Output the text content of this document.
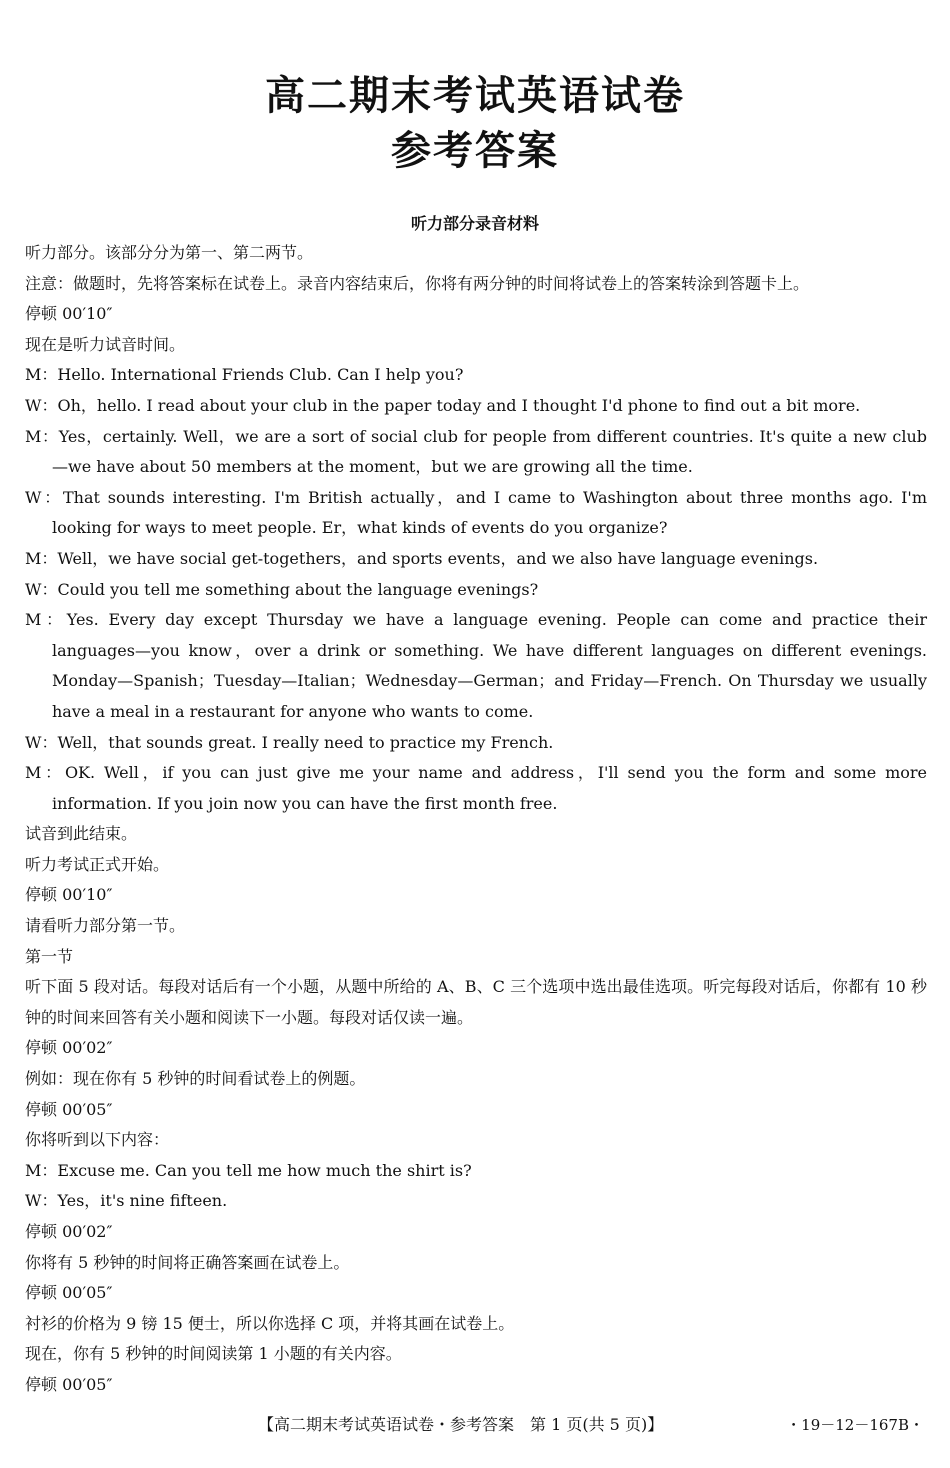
高二期末考试英语试卷
参考答案
听力部分录音材料

听力部分。该部分分为第一、第二两节。

注意：做题时，先将答案标在试卷上。录音内容结束后，你将有两分钟的时间将试卷上的答案转涂到答题卡上。

停顿 00′10″

现在是听力试音时间。

M：Hello. International Friends Club. Can I help you?

W：Oh，hello. I read about your club in the paper today and I thought I'd phone to find out a bit more.

M：Yes，certainly. Well，we are a sort of social club for people from different countries. It's quite a new club—we have about 50 members at the moment，but we are growing all the time.

W：That sounds interesting. I'm British actually，and I came to Washington about three months ago. I'm looking for ways to meet people. Er，what kinds of events do you organize?

M：Well，we have social get-togethers，and sports events，and we also have language evenings.

W：Could you tell me something about the language evenings?

M：Yes. Every day except Thursday we have a language evening. People can come and practice their languages—you know，over a drink or something. We have different languages on different evenings. Monday—Spanish；Tuesday—Italian；Wednesday—German；and Friday—French. On Thursday we usually have a meal in a restaurant for anyone who wants to come.

W：Well，that sounds great. I really need to practice my French.

M：OK. Well，if you can just give me your name and address，I'll send you the form and some more information. If you join now you can have the first month free.

试音到此结束。

听力考试正式开始。

停顿 00′10″

请看听力部分第一节。

第一节

听下面 5 段对话。每段对话后有一个小题，从题中所给的 A、B、C 三个选项中选出最佳选项。听完每段对话后，你都有 10 秒钟的时间来回答有关小题和阅读下一小题。每段对话仅读一遍。

停顿 00′02″

例如：现在你有 5 秒钟的时间看试卷上的例题。

停顿 00′05″

你将听到以下内容：

M：Excuse me. Can you tell me how much the shirt is?

W：Yes，it's nine fifteen.

停顿 00′02″

你将有 5 秒钟的时间将正确答案画在试卷上。

停顿 00′05″

衬衫的价格为 9 镑 15 便士，所以你选择 C 项，并将其画在试卷上。

现在，你有 5 秒钟的时间阅读第 1 小题的有关内容。

停顿 00′05″

【高二期末考试英语试卷・参考答案　第 1 页(共 5 页)】	・19－12－167B・
